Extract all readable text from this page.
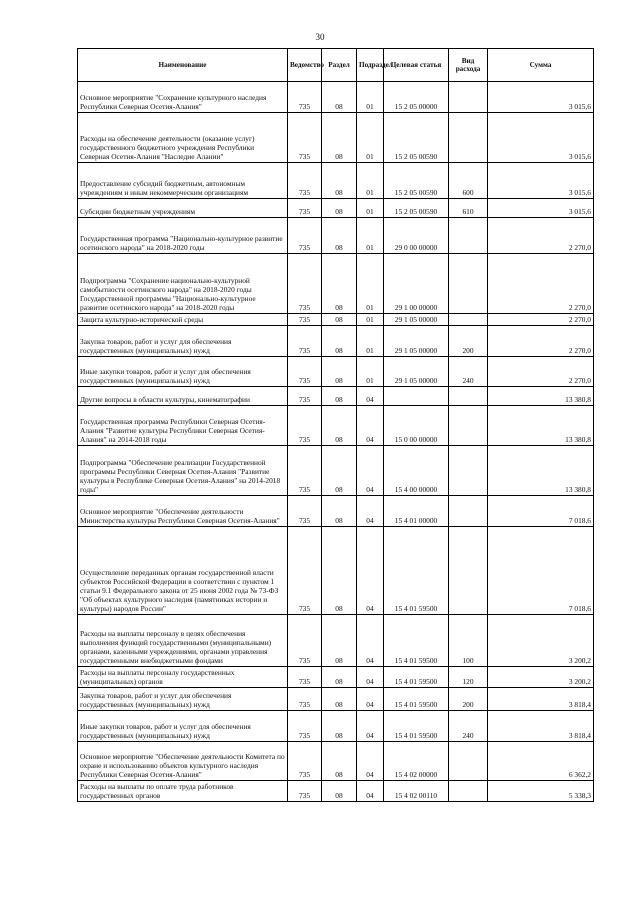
30
Наименование	Ведомство	Раздел	Подраздел	Целевая статья	Вид расхода	Сумма
Основное мероприятие "Сохранение культурного наследия Республики Северная Осетия-Алания"	735	08	01	15 2 05 00000		3 015,6
Расходы на обеспечение деятельности (оказание услуг) государственного бюджетного учреждения Республики Северная Осетия-Алания "Наследие Алании"	735	08	01	15 2 05 00590		3 015,6
Предоставление субсидий бюджетным, автономным учреждениям и иным некоммерческим организациям	735	08	01	15 2 05 00590	600	3 015,6
Субсидии бюджетным учреждениям	735	08	01	15 2 05 00590	610	3 015,6
Государственная программа "Национально-культурное развитие осетинского народа" на 2018-2020 годы	735	08	01	29 0 00 00000		2 270,0
Подпрограмма "Сохранение национально-культурной самобытности осетинского народа" на 2018-2020 годы Государственной программы "Национально-культурное развитие осетинского народа" на 2018-2020 годы	735	08	01	29 1 00 00000		2 270,0
Защита культурно-исторической среды	735	08	01	29 1 05 00000		2 270,0
Закупка товаров, работ и услуг для обеспечения государственных (муниципальных) нужд	735	08	01	29 1 05 00000	200	2 270,0
Иные закупки товаров, работ и услуг для обеспечения государственных (муниципальных) нужд	735	08	01	29 1 05 00000	240	2 270,0
Другие вопросы в области культуры, кинематографии	735	08	04			13 380,8
Государственная программа Республики Северная Осетия-Алания "Развитие культуры Республики Северная Осетия-Алания" на 2014-2018 годы	735	08	04	15 0 00 00000		13 380,8
Подпрограмма "Обеспечение реализации Государственной программы Республики Северная Осетия-Алания "Развитие культуры в Республике Северная Осетия-Алания" на 2014-2018 годы"	735	08	04	15 4 00 00000		13 380,8
Основное мероприятие "Обеспечение деятельности Министерства культуры Республики Северная Осетия-Алания"	735	08	04	15 4 01 00000		7 018,6
Осуществление переданных органам государственной власти субъектов Российской Федерации в соответствии с пунктом 1 статьи 9.1 Федерального закона от 25 июня 2002 года № 73-ФЗ "Об объектах культурного наследия (памятниках истории и культуры) народов России"	735	08	04	15 4 01 59500		7 018,6
Расходы на выплаты персоналу в целях обеспечения выполнения функций государственными (муниципальными) органами, казенными учреждениями, органами управления государственными внебюджетными фондами	735	08	04	15 4 01 59500	100	3 200,2
Расходы на выплаты персоналу государственных (муниципальных) органов	735	08	04	15 4 01 59500	120	3 200,2
Закупка товаров, работ и услуг для обеспечения государственных (муниципальных) нужд	735	08	04	15 4 01 59500	200	3 818,4
Иные закупки товаров, работ и услуг для обеспечения государственных (муниципальных) нужд	735	08	04	15 4 01 59500	240	3 818,4
Основное мероприятие "Обеспечение деятельности Комитета по охране и использованию объектов культурного наследия Республики Северная Осетия-Алания"	735	08	04	15 4 02 00000		6 362,2
Расходы на выплаты по оплате труда работников государственных органов	735	08	04	15 4 02 00110		5 338,3
